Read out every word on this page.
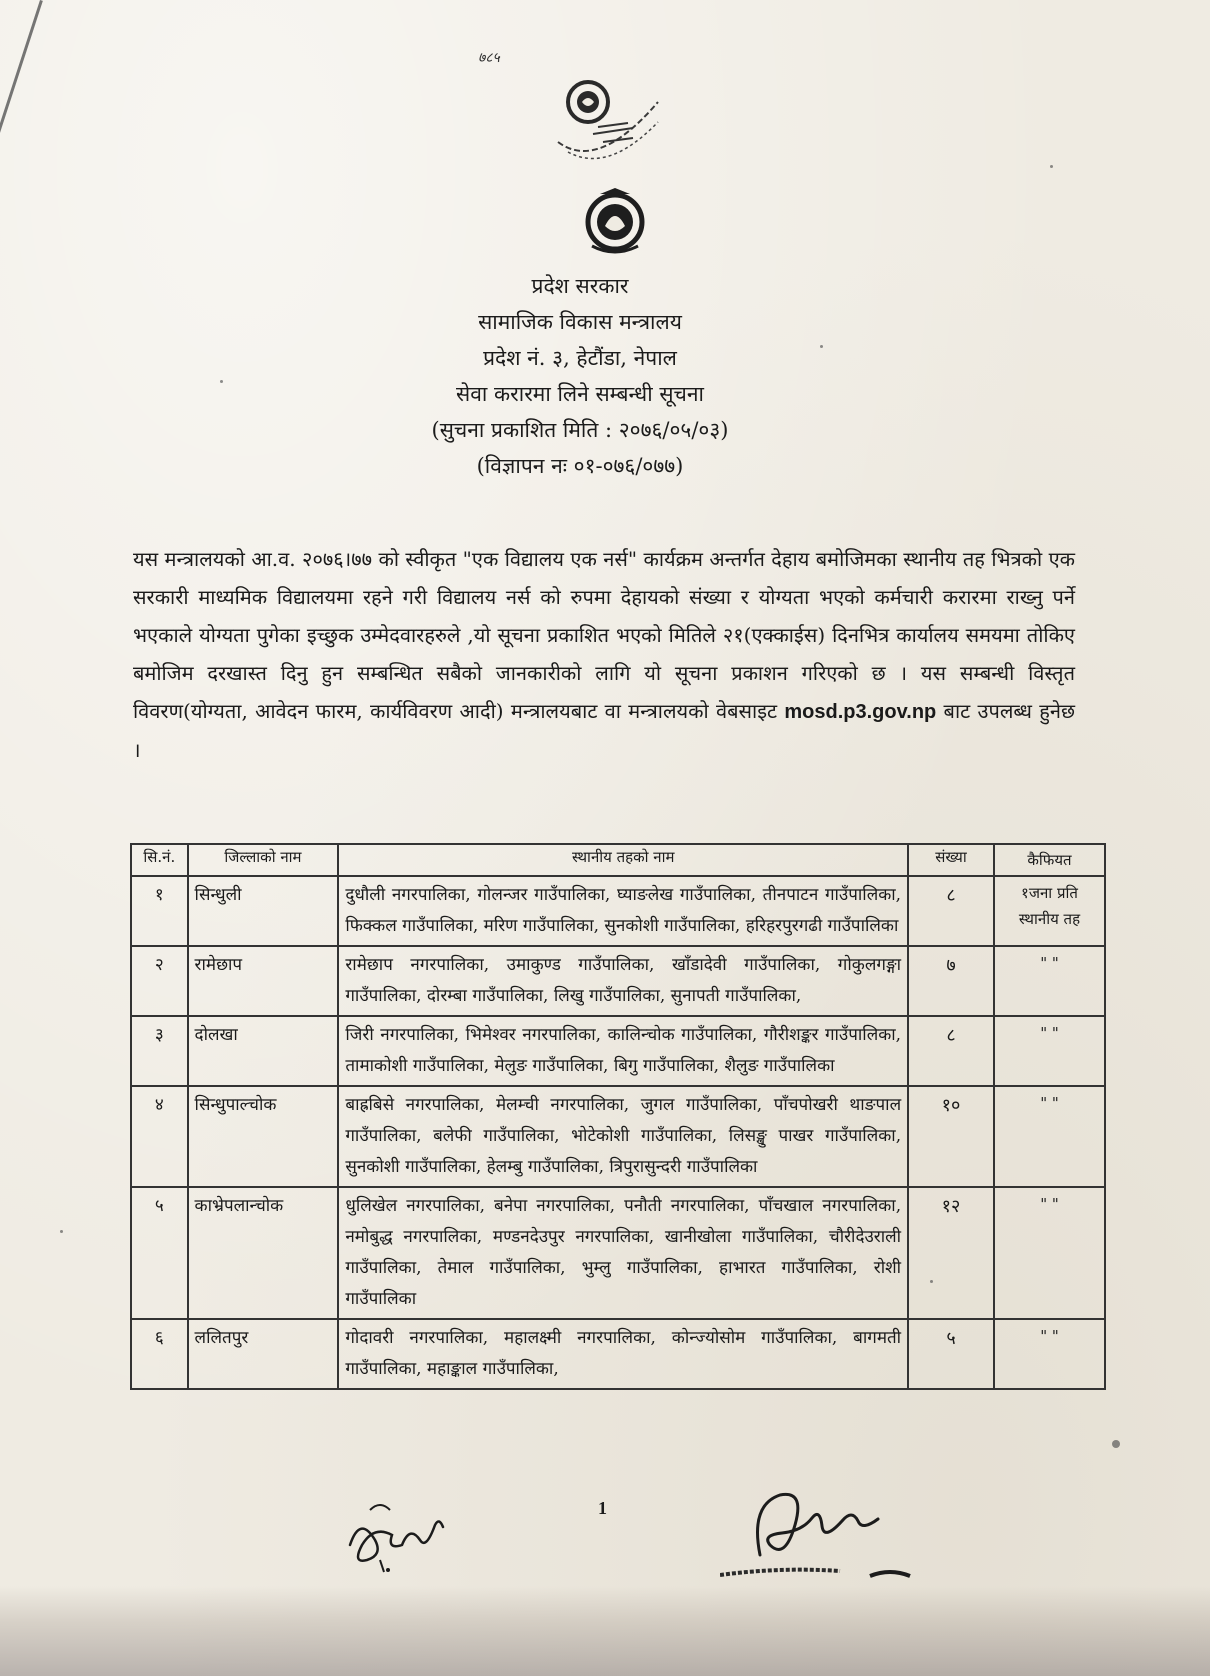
७८५
प्रदेश सरकार
सामाजिक विकास मन्त्रालय
प्रदेश नं. ३, हेटौंडा, नेपाल
सेवा करारमा लिने सम्बन्धी सूचना
(सुचना प्रकाशित मिति : २०७६/०५/०३)
(विज्ञापन नः ०१-०७६/०७७)
यस मन्त्रालयको आ.व. २०७६।७७ को स्वीकृत "एक विद्यालय एक नर्स" कार्यक्रम अन्तर्गत देहाय बमोजिमका स्थानीय तह भित्रको एक सरकारी माध्यमिक विद्यालयमा रहने गरी विद्यालय नर्स को रुपमा देहायको संख्या र योग्यता भएको कर्मचारी करारमा राख्नु पर्ने भएकाले योग्यता पुगेका इच्छुक उम्मेदवारहरुले ,यो सूचना प्रकाशित भएको मितिले २१(एक्काईस) दिनभित्र कार्यालय समयमा तोकिए बमोजिम दरखास्त दिनु हुन सम्बन्धित सबैको जानकारीको लागि यो सूचना प्रकाशन गरिएको छ । यस सम्बन्धी विस्तृत विवरण(योग्यता, आवेदन फारम, कार्यविवरण आदी) मन्त्रालयबाट वा मन्त्रालयको वेबसाइट mosd.p3.gov.np बाट उपलब्ध हुनेछ ।
सि.नं.	जिल्लाको नाम	स्थानीय तहको नाम	संख्या	कैफियत
१	सिन्धुली	दुधौली नगरपालिका, गोलन्जर गाउँपालिका, घ्याङलेख गाउँपालिका, तीनपाटन गाउँपालिका, फिक्कल गाउँपालिका, मरिण गाउँपालिका, सुनकोशी गाउँपालिका, हरिहरपुरगढी गाउँपालिका	८	१जना प्रति स्थानीय तह
२	रामेछाप	रामेछाप नगरपालिका, उमाकुण्ड गाउँपालिका, खाँडादेवी गाउँपालिका, गोकुलगङ्गा गाउँपालिका, दोरम्बा गाउँपालिका, लिखु गाउँपालिका, सुनापती गाउँपालिका,	७	" "
३	दोलखा	जिरी नगरपालिका, भिमेश्वर नगरपालिका, कालिन्चोक गाउँपालिका, गौरीशङ्कर गाउँपालिका, तामाकोशी गाउँपालिका, मेलुङ गाउँपालिका, बिगु गाउँपालिका, शैलुङ गाउँपालिका	८	" "
४	सिन्धुपाल्चोक	बाह्रबिसे नगरपालिका, मेलम्ची नगरपालिका, जुगल गाउँपालिका, पाँचपोखरी थाङपाल गाउँपालिका, बलेफी गाउँपालिका, भोटेकोशी गाउँपालिका, लिसङ्खु पाखर गाउँपालिका, सुनकोशी गाउँपालिका, हेलम्बु गाउँपालिका, त्रिपुरासुन्दरी गाउँपालिका	१०	" "
५	काभ्रेपलान्चोक	धुलिखेल नगरपालिका, बनेपा नगरपालिका, पनौती नगरपालिका, पाँचखाल नगरपालिका, नमोबुद्ध नगरपालिका, मण्डनदेउपुर नगरपालिका, खानीखोला गाउँपालिका, चौरीदेउराली गाउँपालिका, तेमाल गाउँपालिका, भुम्लु गाउँपालिका, हाभारत गाउँपालिका, रोशी गाउँपालिका	१२	" "
६	ललितपुर	गोदावरी नगरपालिका, महालक्ष्मी नगरपालिका, कोन्ज्योसोम गाउँपालिका, बागमती गाउँपालिका, महाङ्काल गाउँपालिका,	५	" "
1
